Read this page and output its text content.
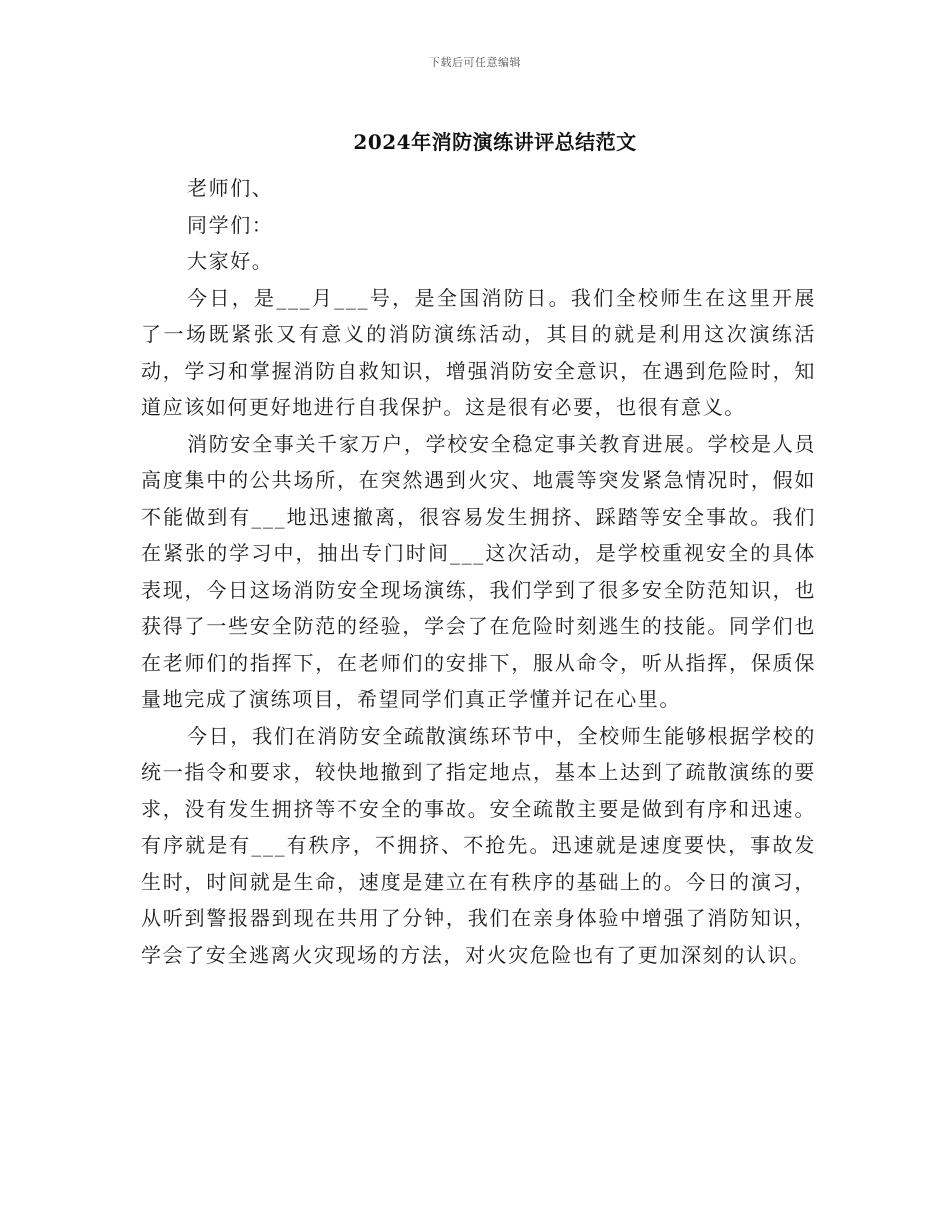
下载后可任意编辑
2024年消防演练讲评总结范文

老师们、

同学们：

大家好。

今日，是___月___号，是全国消防日。我们全校师生在这里开展了一场既紧张又有意义的消防演练活动，其目的就是利用这次演练活动，学习和掌握消防自救知识，增强消防安全意识，在遇到危险时，知道应该如何更好地进行自我保护。这是很有必要，也很有意义。

消防安全事关千家万户，学校安全稳定事关教育进展。学校是人员高度集中的公共场所，在突然遇到火灾、地震等突发紧急情况时，假如不能做到有___地迅速撤离，很容易发生拥挤、踩踏等安全事故。我们在紧张的学习中，抽出专门时间___这次活动，是学校重视安全的具体表现，今日这场消防安全现场演练，我们学到了很多安全防范知识，也获得了一些安全防范的经验，学会了在危险时刻逃生的技能。同学们也在老师们的指挥下，在老师们的安排下，服从命令，听从指挥，保质保量地完成了演练项目，希望同学们真正学懂并记在心里。

今日，我们在消防安全疏散演练环节中，全校师生能够根据学校的统一指令和要求，较快地撤到了指定地点，基本上达到了疏散演练的要求，没有发生拥挤等不安全的事故。安全疏散主要是做到有序和迅速。有序就是有___有秩序，不拥挤、不抢先。迅速就是速度要快，事故发生时，时间就是生命，速度是建立在有秩序的基础上的。今日的演习，从听到警报器到现在共用了分钟，我们在亲身体验中增强了消防知识，学会了安全逃离火灾现场的方法，对火灾危险也有了更加深刻的认识。
